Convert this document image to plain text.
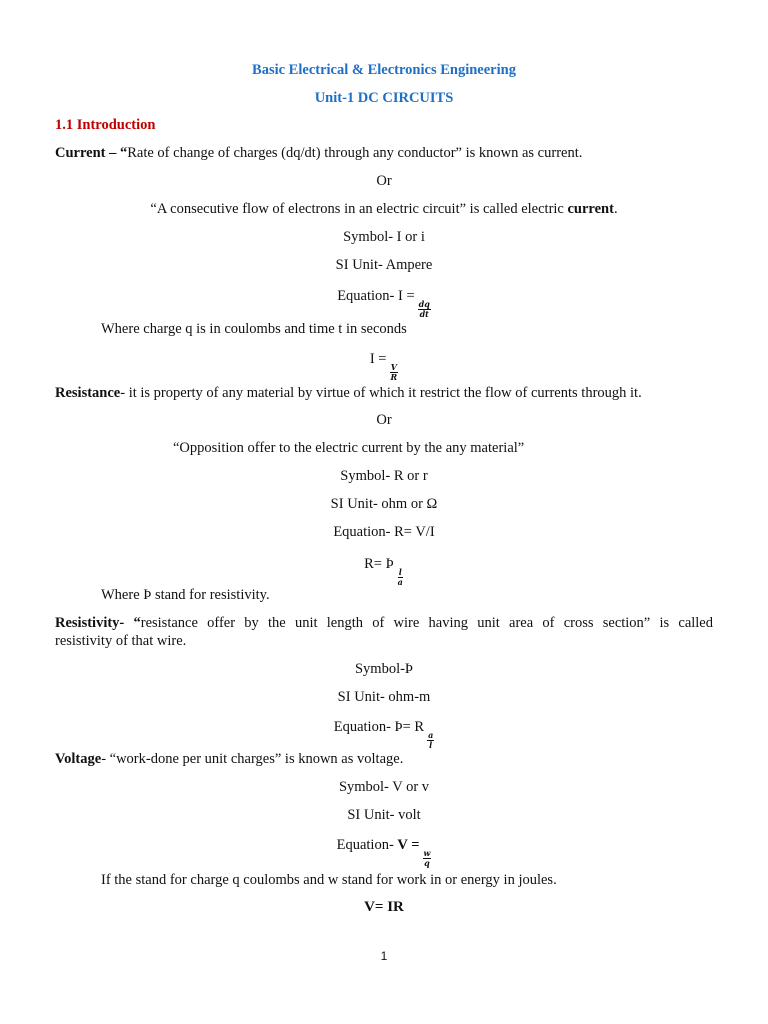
Basic Electrical & Electronics Engineering
Unit-1 DC CIRCUITS
1.1 Introduction
Current – “Rate of change of charges (dq/dt) through any conductor” is known as current.
Or
“A consecutive flow of electrons in an electric circuit” is called electric current.
Symbol- I or i
SI Unit- Ampere
Equation- I =
$\frac{dq}{dt}$
Where charge q is in coulombs and time t in seconds
I =
$\frac{V}{R}$
Resistance- it is property of any material by virtue of which it restrict the flow of currents through it.
Or
“Opposition offer to the electric current by the any material”
Symbol- R or r
SI Unit- ohm or Ω
Equation- R= V/I
R= Þ
$\frac{l}{a}$
Where Þ stand for resistivity.
Resistivity- “resistance offer by the unit length of wire having unit area of cross section” is called
resistivity of that wire.
Symbol-Þ
SI Unit- ohm-m
Equation- Þ= R
$\frac{a}{l}$
Voltage- “work-done per unit charges” is known as voltage.
Symbol- V or v
SI Unit- volt
Equation- V =
$\frac{w}{q}$
If the stand for charge q coulombs and w stand for work in or energy in joules.
V= IR
1
